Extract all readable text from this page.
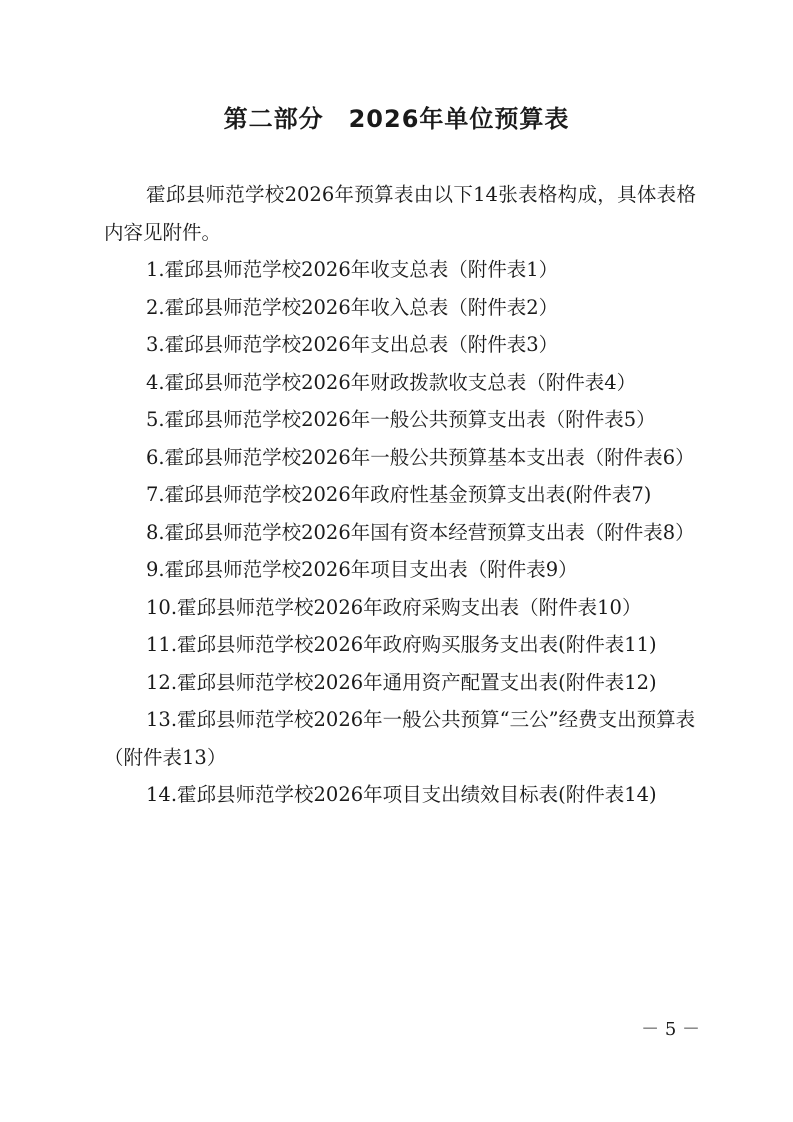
第二部分　2026年单位预算表

霍邱县师范学校2026年预算表由以下14张表格构成，具体表格内容见附件。

1.霍邱县师范学校2026年收支总表（附件表1）

2.霍邱县师范学校2026年收入总表（附件表2）

3.霍邱县师范学校2026年支出总表（附件表3）

4.霍邱县师范学校2026年财政拨款收支总表（附件表4）

5.霍邱县师范学校2026年一般公共预算支出表（附件表5）

6.霍邱县师范学校2026年一般公共预算基本支出表（附件表6）

7.霍邱县师范学校2026年政府性基金预算支出表(附件表7)

8.霍邱县师范学校2026年国有资本经营预算支出表（附件表8）

9.霍邱县师范学校2026年项目支出表（附件表9）

10.霍邱县师范学校2026年政府采购支出表（附件表10）

11.霍邱县师范学校2026年政府购买服务支出表(附件表11)

12.霍邱县师范学校2026年通用资产配置支出表(附件表12)

13.霍邱县师范学校2026年一般公共预算“三公”经费支出预算表（附件表13）

14.霍邱县师范学校2026年项目支出绩效目标表(附件表14)

－ 5 －
